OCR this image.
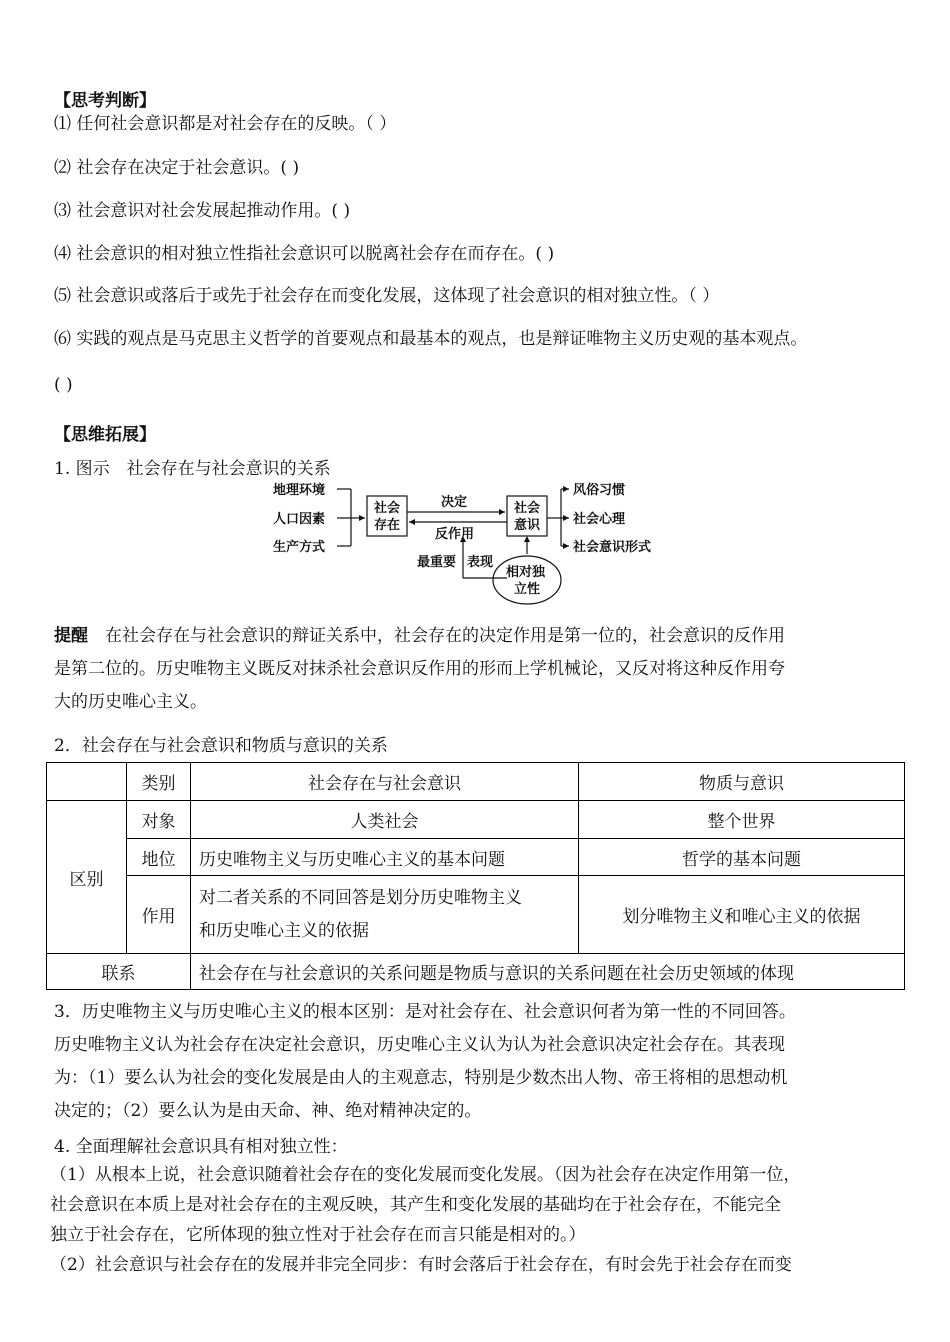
【思考判断】
⑴ 任何社会意识都是对社会存在的反映。（ ）
⑵ 社会存在决定于社会意识。( )
⑶ 社会意识对社会发展起推动作用。( )
⑷ 社会意识的相对独立性指社会意识可以脱离社会存在而存在。( )
⑸ 社会意识或落后于或先于社会存在而变化发展，这体现了社会意识的相对独立性。（ ）
⑹ 实践的观点是马克思主义哲学的首要观点和最基本的观点，也是辩证唯物主义历史观的基本观点。
( )
【思维拓展】
1. 图示　社会存在与社会意识的关系
地理环境
人口因素
生产方式
社会
存在
决定
反作用
社会
意识
风俗习惯
社会心理
社会意识形式
最重要 表现
相对独
立性
提醒　在社会存在与社会意识的辩证关系中，社会存在的决定作用是第一位的，社会意识的反作用
是第二位的。历史唯物主义既反对抹杀社会意识反作用的形而上学机械论，又反对将这种反作用夸
大的历史唯心主义。
2．社会存在与社会意识和物质与意识的关系
	类别	社会存在与社会意识	物质与意识
区别	对象	人类社会	整个世界
	地位	历史唯物主义与历史唯心主义的基本问题	哲学的基本问题
	作用	对二者关系的不同回答是划分历史唯物主义
和历史唯心主义的依据	划分唯物主义和唯心主义的依据
联系		社会存在与社会意识的关系问题是物质与意识的关系问题在社会历史领域的体现	
3．历史唯物主义与历史唯心主义的根本区别：是对社会存在、社会意识何者为第一性的不同回答。
历史唯物主义认为社会存在决定社会意识，历史唯心主义认为认为社会意识决定社会存在。其表现
为：（1）要么认为社会的变化发展是由人的主观意志，特别是少数杰出人物、帝王将相的思想动机
决定的；（2）要么认为是由天命、神、绝对精神决定的。
4. 全面理解社会意识具有相对独立性：
（1）从根本上说，社会意识随着社会存在的变化发展而变化发展。（因为社会存在决定作用第一位，
社会意识在本质上是对社会存在的主观反映，其产生和变化发展的基础均在于社会存在，不能完全
独立于社会存在，它所体现的独立性对于社会存在而言只能是相对的。）
（2）社会意识与社会存在的发展并非完全同步：有时会落后于社会存在，有时会先于社会存在而变
